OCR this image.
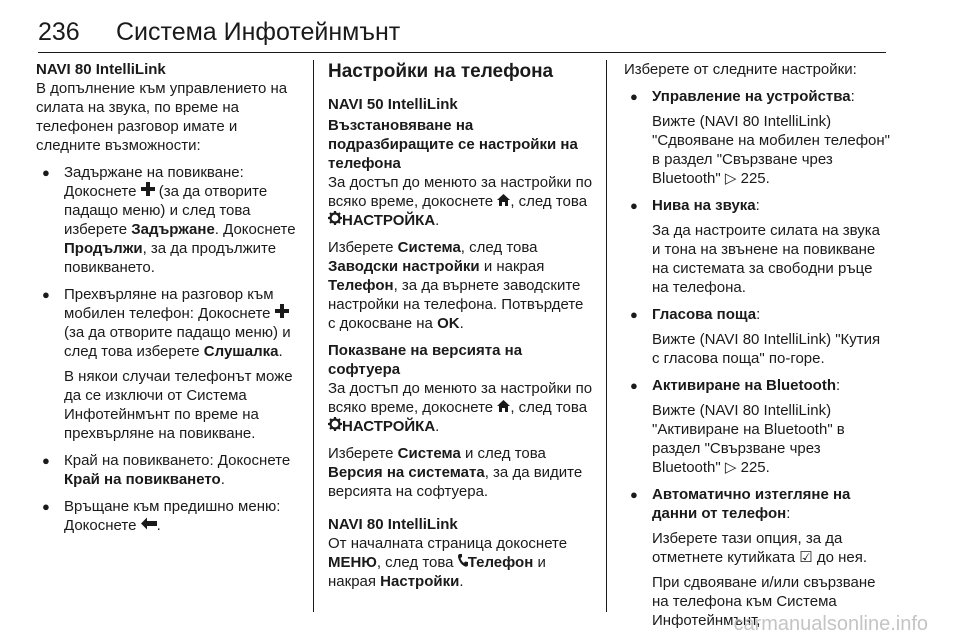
236 Система Инфотейнмънт

NAVI 80 IntelliLink

В допълнение към управлението на силата на звука, по време на телефонен разговор имате и следните възможности:

● Задържане на повикване: Докоснете  (за да отворите падащо меню) и след това изберете Задържане. Докоснете Продължи, за да продължите повикването.

● Прехвърляне на разговор към мобилен телефон: Докоснете  (за да отворите падащо меню) и след това изберете Слушалка.

В някои случаи телефонът може да се изключи от Система Инфотейнмънт по време на прехвърляне на повикване.

● Край на повикването: Докоснете Край на повикването.
● Връщане към предишно меню: Докоснете .

Настройки на телефона

NAVI 50 IntelliLink

Възстановяване на подразбиращите се настройки на телефона

За достъп до менюто за настройки по всяко време, докоснете , след това НАСТРОЙКА.

Изберете Система, след това Заводски настройки и накрая Телефон, за да върнете заводските настройки на телефона. Потвърдете с докосване на OK.

Показване на версията на софтуера

За достъп до менюто за настройки по всяко време, докоснете , след това НАСТРОЙКА.

Изберете Система и след това Версия на системата, за да видите версията на софтуера.

NAVI 80 IntelliLink

От началната страница докоснете МЕНЮ, след това Телефон и накрая Настройки.

Изберете от следните настройки:

● Управление на устройства:

Вижте (NAVI 80 IntelliLink) "Сдвояване на мобилен телефон" в раздел "Свързване чрез Bluetooth" ▷ 225.

● Нива на звука:

За да настроите силата на звука и тона на звънене на повикване на системата за свободни ръце на телефона.

● Гласова поща:

Вижте (NAVI 80 IntelliLink) "Кутия с гласова поща" по-горе.

● Активиране на Bluetooth:

Вижте (NAVI 80 IntelliLink) "Активиране на Bluetooth" в раздел "Свързване чрез Bluetooth" ▷ 225.

● Автоматично изтегляне на данни от телефон:

Изберете тази опция, за да отметнете кутийката ☑ до нея.

При сдвояване и/или свързване на телефона към Система Инфотейнмънт,

carmanualsonline.info
